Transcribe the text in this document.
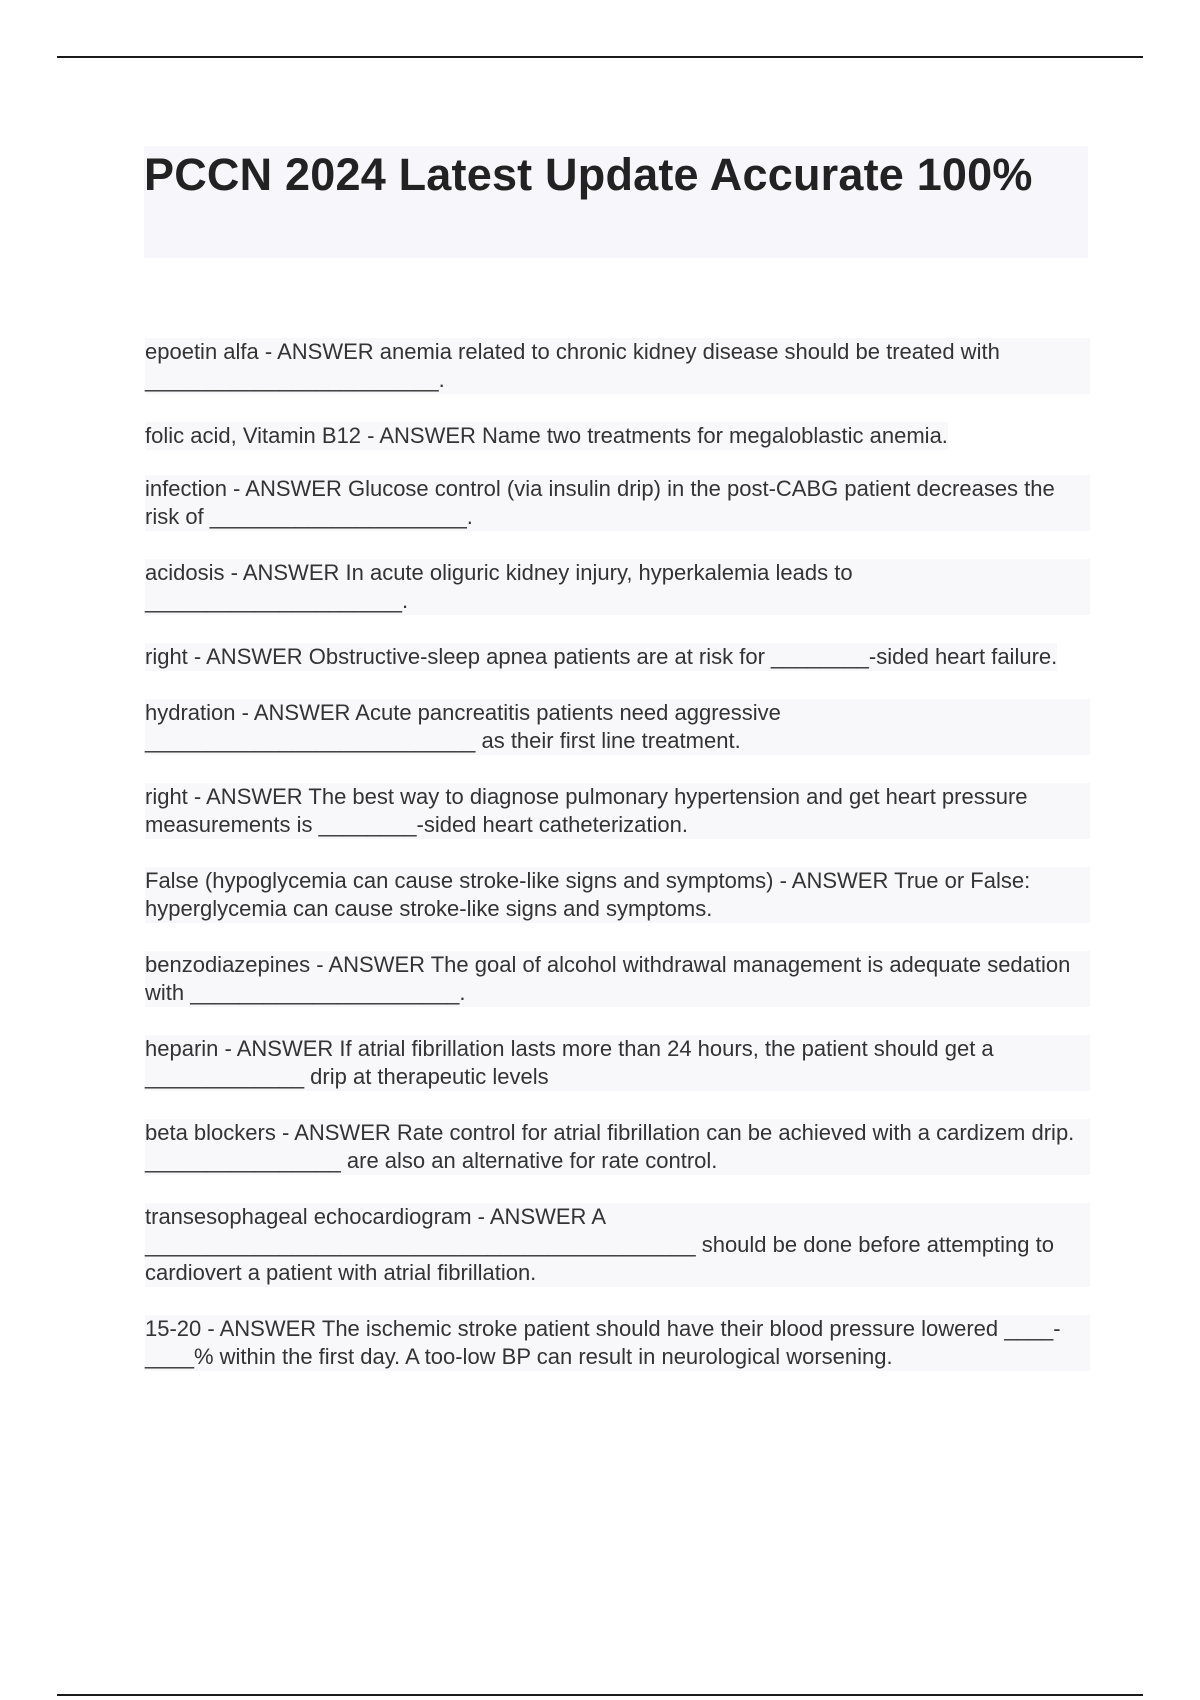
PCCN 2024 Latest Update Accurate 100%
epoetin alfa - ANSWER anemia related to chronic kidney disease should be treated with ________________________.
folic acid, Vitamin B12 - ANSWER Name two treatments for megaloblastic anemia.
infection - ANSWER Glucose control (via insulin drip) in the post-CABG patient decreases the risk of _____________________.
acidosis - ANSWER In acute oliguric kidney injury, hyperkalemia leads to _____________________.
right - ANSWER Obstructive-sleep apnea patients are at risk for ________-sided heart failure.
hydration - ANSWER Acute pancreatitis patients need aggressive ___________________________ as their first line treatment.
right - ANSWER The best way to diagnose pulmonary hypertension and get heart pressure measurements is ________-sided heart catheterization.
False (hypoglycemia can cause stroke-like signs and symptoms) - ANSWER True or False: hyperglycemia can cause stroke-like signs and symptoms.
benzodiazepines - ANSWER The goal of alcohol withdrawal management is adequate sedation with ______________________.
heparin - ANSWER If atrial fibrillation lasts more than 24 hours, the patient should get a _____________ drip at therapeutic levels
beta blockers - ANSWER Rate control for atrial fibrillation can be achieved with a cardizem drip. ________________ are also an alternative for rate control.
transesophageal echocardiogram - ANSWER A _____________________________________________ should be done before attempting to cardiovert a patient with atrial fibrillation.
15-20 - ANSWER The ischemic stroke patient should have their blood pressure lowered ____-____% within the first day. A too-low BP can result in neurological worsening.
